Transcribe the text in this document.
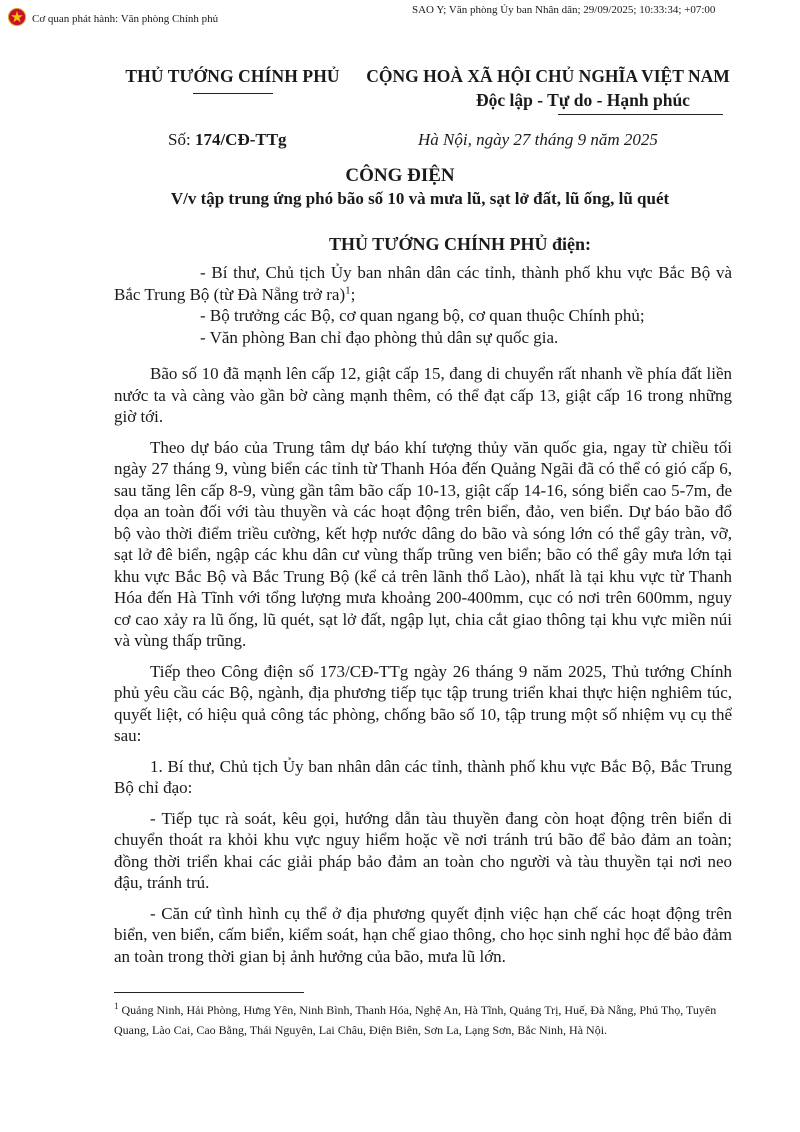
Cơ quan phát hành: Văn phòng Chính phủ
SAO Y; Văn phòng Ủy ban Nhân dân; 29/09/2025; 10:33:34; +07:00
THỦ TƯỚNG CHÍNH PHỦ	CỘNG HOÀ XÃ HỘI CHỦ NGHĨA VIỆT NAM
Độc lập - Tự do - Hạnh phúc
Số: 174/CĐ-TTg	Hà Nội, ngày 27 tháng 9 năm 2025
CÔNG ĐIỆN
V/v tập trung ứng phó bão số 10 và mưa lũ, sạt lở đất, lũ ống, lũ quét
THỦ TƯỚNG CHÍNH PHỦ điện:

- Bí thư, Chủ tịch Ủy ban nhân dân các tỉnh, thành phố khu vực Bắc Bộ và Bắc Trung Bộ (từ Đà Nẵng trở ra)$^1$;

- Bộ trưởng các Bộ, cơ quan ngang bộ, cơ quan thuộc Chính phủ;

- Văn phòng Ban chỉ đạo phòng thủ dân sự quốc gia.

Bão số 10 đã mạnh lên cấp 12, giật cấp 15, đang di chuyển rất nhanh về phía đất liền nước ta và càng vào gần bờ càng mạnh thêm, có thể đạt cấp 13, giật cấp 16 trong những giờ tới.

Theo dự báo của Trung tâm dự báo khí tượng thủy văn quốc gia, ngay từ chiều tối ngày 27 tháng 9, vùng biển các tỉnh từ Thanh Hóa đến Quảng Ngãi đã có thể có gió cấp 6, sau tăng lên cấp 8-9, vùng gần tâm bão cấp 10-13, giật cấp 14-16, sóng biển cao 5-7m, đe dọa an toàn đối với tàu thuyền và các hoạt động trên biển, đảo, ven biển. Dự báo bão đổ bộ vào thời điểm triều cường, kết hợp nước dâng do bão và sóng lớn có thể gây tràn, vỡ, sạt lở đê biển, ngập các khu dân cư vùng thấp trũng ven biển; bão có thể gây mưa lớn tại khu vực Bắc Bộ và Bắc Trung Bộ (kể cả trên lãnh thổ Lào), nhất là tại khu vực từ Thanh Hóa đến Hà Tĩnh với tổng lượng mưa khoảng 200-400mm, cục có nơi trên 600mm, nguy cơ cao xảy ra lũ ống, lũ quét, sạt lở đất, ngập lụt, chia cắt giao thông tại khu vực miền núi và vùng thấp trũng.

Tiếp theo Công điện số 173/CĐ-TTg ngày 26 tháng 9 năm 2025, Thủ tướng Chính phủ yêu cầu các Bộ, ngành, địa phương tiếp tục tập trung triển khai thực hiện nghiêm túc, quyết liệt, có hiệu quả công tác phòng, chống bão số 10, tập trung một số nhiệm vụ cụ thể sau:

1. Bí thư, Chủ tịch Ủy ban nhân dân các tỉnh, thành phố khu vực Bắc Bộ, Bắc Trung Bộ chỉ đạo:

- Tiếp tục rà soát, kêu gọi, hướng dẫn tàu thuyền đang còn hoạt động trên biển di chuyển thoát ra khỏi khu vực nguy hiểm hoặc về nơi tránh trú bão để bảo đảm an toàn; đồng thời triển khai các giải pháp bảo đảm an toàn cho người và tàu thuyền tại nơi neo đậu, tránh trú.

- Căn cứ tình hình cụ thể ở địa phương quyết định việc hạn chế các hoạt động trên biển, ven biển, cấm biển, kiểm soát, hạn chế giao thông, cho học sinh nghỉ học để bảo đảm an toàn trong thời gian bị ảnh hưởng của bão, mưa lũ lớn.

$^1$ Quảng Ninh, Hải Phòng, Hưng Yên, Ninh Bình, Thanh Hóa, Nghệ An, Hà Tĩnh, Quảng Trị, Huế, Đà Nẵng, Phú Thọ, Tuyên Quang, Lào Cai, Cao Bằng, Thái Nguyên, Lai Châu, Điện Biên, Sơn La, Lạng Sơn, Bắc Ninh, Hà Nội.
